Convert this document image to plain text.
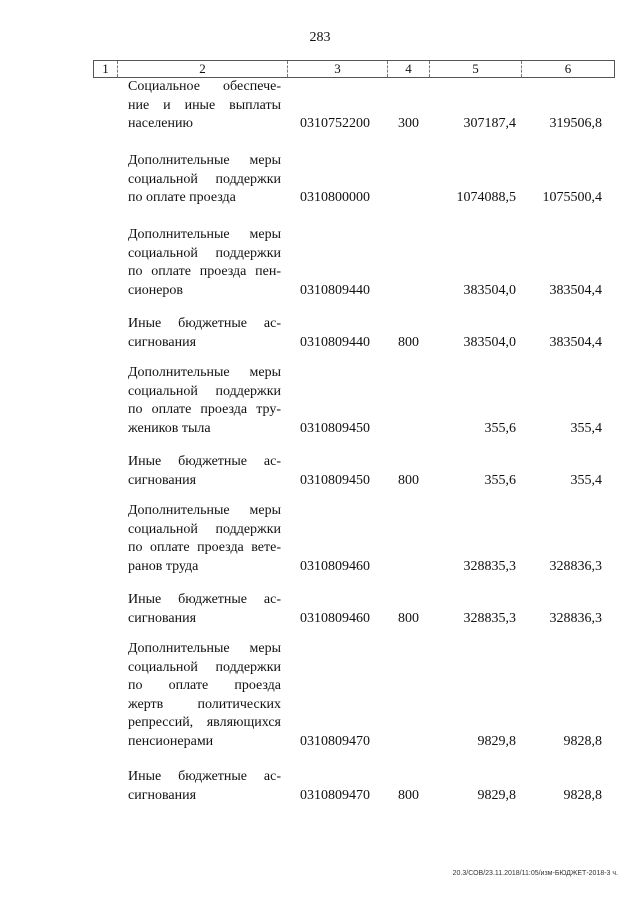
283
1	2	3	4	5	6
Социальное обеспече-
ние и иные выплаты
населению	0310752200 300	307187,4 319506,8
Дополнительные меры
социальной поддержки
по оплате проезда	0310800000	1074088,5 1075500,4
Дополнительные меры
социальной поддержки
по оплате проезда пен-
сионеров	0310809440	383504,0 383504,4
Иные бюджетные ас-
сигнования	0310809440 800	383504,0 383504,4
Дополнительные меры
социальной поддержки
по оплате проезда тру-
жеников тыла	0310809450	355,6	355,4
Иные бюджетные ас-
сигнования	0310809450 800	355,6	355,4
Дополнительные меры
социальной поддержки
по оплате проезда вете-
ранов труда	0310809460	328835,3 328836,3
Иные бюджетные ас-
сигнования	0310809460 800	328835,3 328836,3
Дополнительные меры
социальной поддержки
по оплате проезда
жертв политических
репрессий, являющихся
пенсионерами	0310809470	9829,8	9828,8
Иные бюджетные ас-
сигнования	0310809470 800	9829,8	9828,8
20.3/СОВ/23.11.2018/11:05/изм-БЮДЖЕТ-2018-3 ч.
